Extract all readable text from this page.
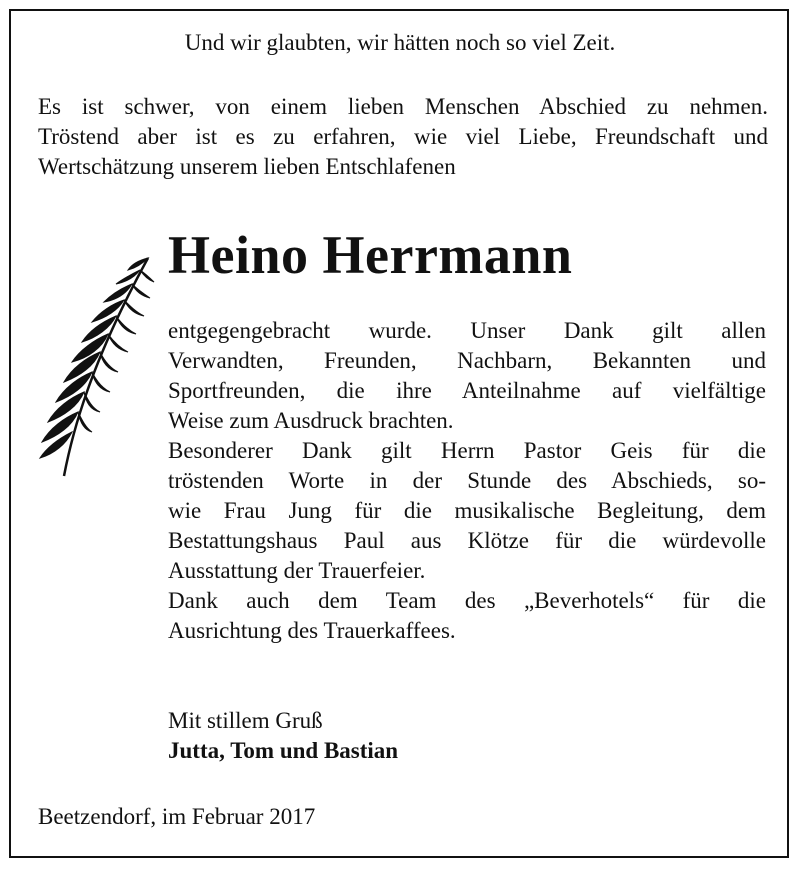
Und wir glaubten, wir hätten noch so viel Zeit.
Es ist schwer, von einem lieben Menschen Abschied zu nehmen.
Tröstend aber ist es zu erfahren, wie viel Liebe, Freundschaft und
Wertschätzung unserem lieben Entschlafenen
Heino Herrmann
entgegengebracht wurde. Unser Dank gilt allen
Verwandten, Freunden, Nachbarn, Bekannten und
Sportfreunden, die ihre Anteilnahme auf vielfältige
Weise zum Ausdruck brachten.
Besonderer Dank gilt Herrn Pastor Geis für die
tröstenden Worte in der Stunde des Abschieds, so-
wie Frau Jung für die musikalische Begleitung, dem
Bestattungshaus Paul aus Klötze für die würdevolle
Ausstattung der Trauerfeier.
Dank auch dem Team des „Beverhotels“ für die
Ausrichtung des Trauerkaffees.
Mit stillem Gruß
Jutta, Tom und Bastian
Beetzendorf, im Februar 2017
